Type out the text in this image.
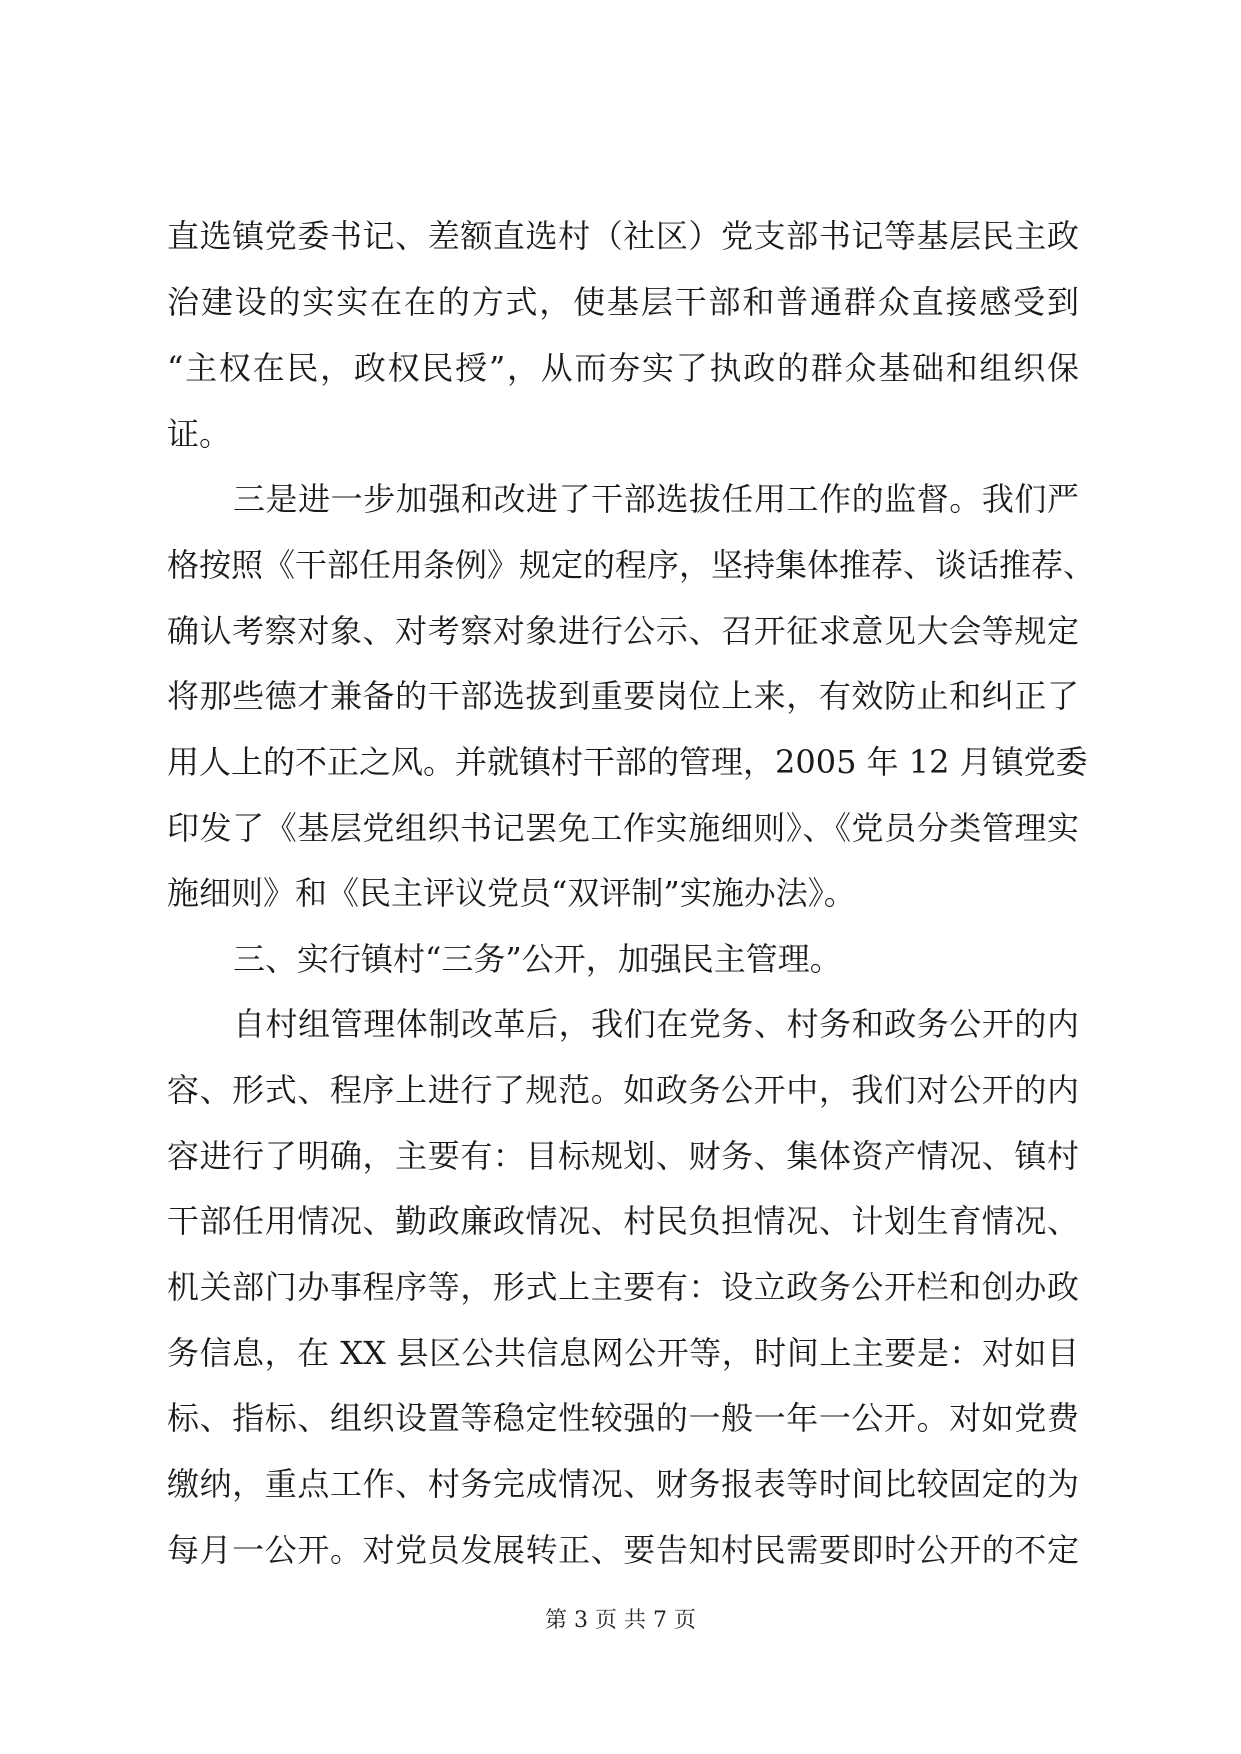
直选镇党委书记、差额直选村（社区）党支部书记等基层民主政
治建设的实实在在的方式，使基层干部和普通群众直接感受到
“主权在民，政权民授”，从而夯实了执政的群众基础和组织保
证。
三是进一步加强和改进了干部选拔任用工作的监督。我们严
格按照《干部任用条例》规定的程序，坚持集体推荐、谈话推荐、
确认考察对象、对考察对象进行公示、召开征求意见大会等规定
将那些德才兼备的干部选拔到重要岗位上来，有效防止和纠正了
用人上的不正之风。并就镇村干部的管理，2005 年 12 月镇党委
印发了《基层党组织书记罢免工作实施细则》、《党员分类管理实
施细则》和《民主评议党员“双评制”实施办法》。
三、实行镇村“三务”公开，加强民主管理。
自村组管理体制改革后，我们在党务、村务和政务公开的内
容、形式、程序上进行了规范。如政务公开中，我们对公开的内
容进行了明确，主要有：目标规划、财务、集体资产情况、镇村
干部任用情况、勤政廉政情况、村民负担情况、计划生育情况、
机关部门办事程序等，形式上主要有：设立政务公开栏和创办政
务信息，在 XX 县区公共信息网公开等，时间上主要是：对如目
标、指标、组织设置等稳定性较强的一般一年一公开。对如党费
缴纳，重点工作、村务完成情况、财务报表等时间比较固定的为
每月一公开。对党员发展转正、要告知村民需要即时公开的不定
第 3 页 共 7 页
